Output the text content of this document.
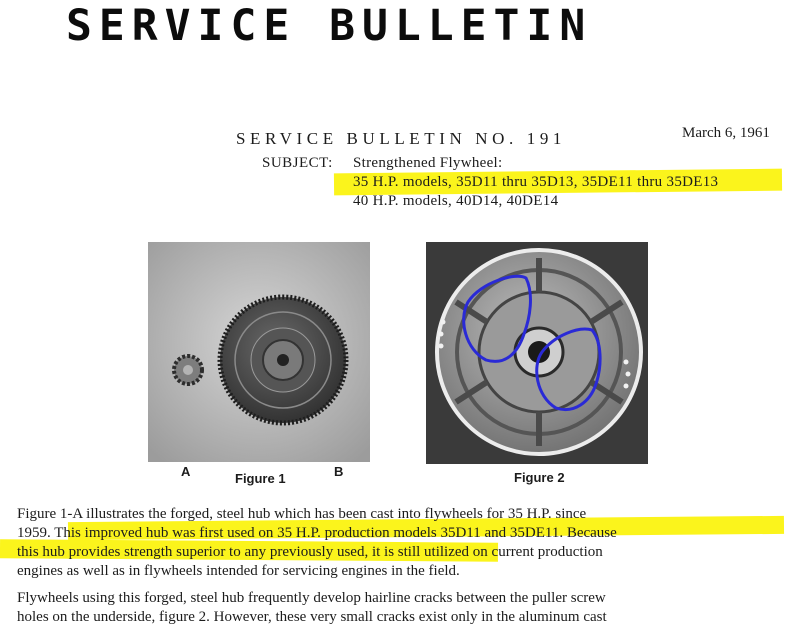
SERVICE BULLETIN
SERVICE BULLETIN NO. 191	March 6, 1961
SUBJECT: Strengthened Flywheel:
35 H.P. models, 35D11 thru 35D13, 35DE11 thru 35DE13
40 H.P. models, 40D14, 40DE14
A	Figure 1	B	Figure 2
Figure 1-A illustrates the forged, steel hub which has been cast into flywheels for 35 H.P. since
1959. This improved hub was first used on 35 H.P. production models 35D11 and 35DE11. Because
this hub provides strength superior to any previously used, it is still utilized on current production
engines as well as in flywheels intended for servicing engines in the field.
Flywheels using this forged, steel hub frequently develop hairline cracks between the puller screw
holes on the underside, figure 2. However, these very small cracks exist only in the aluminum cast
